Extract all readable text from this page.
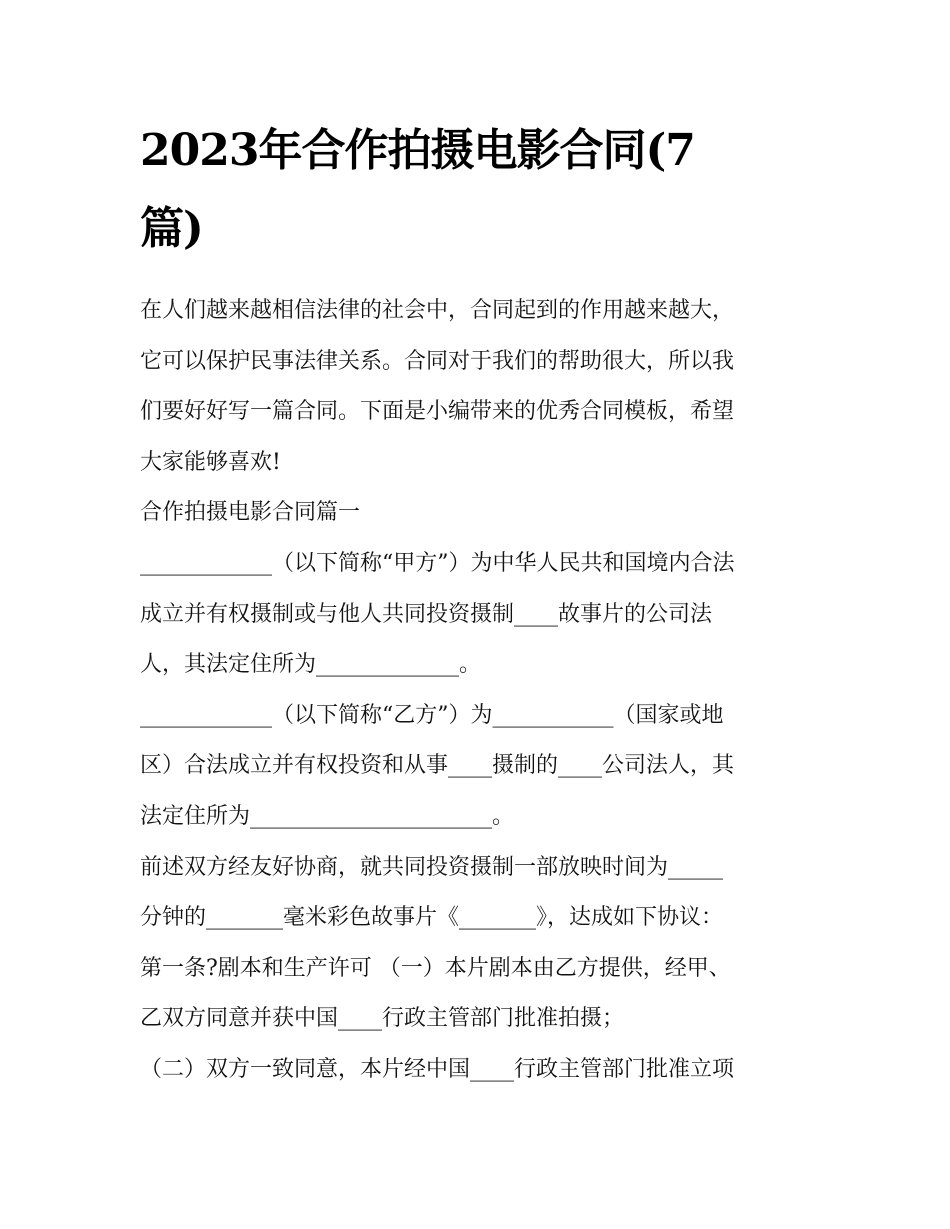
2023年合作拍摄电影合同(7
篇)
在人们越来越相信法律的社会中，合同起到的作用越来越大，
它可以保护民事法律关系。合同对于我们的帮助很大，所以我
们要好好写一篇合同。下面是小编带来的优秀合同模板，希望
大家能够喜欢!
合作拍摄电影合同篇一
____________（以下简称“甲方”）为中华人民共和国境内合法
成立并有权摄制或与他人共同投资摄制____故事片的公司法
人，其法定住所为_____________。
____________（以下简称“乙方”）为___________（国家或地
区）合法成立并有权投资和从事____摄制的____公司法人，其
法定住所为______________________。
前述双方经友好协商，就共同投资摄制一部放映时间为_____
分钟的_______毫米彩色故事片《_______》，达成如下协议：
第一条?剧本和生产许可 （一）本片剧本由乙方提供，经甲、
乙双方同意并获中国____行政主管部门批准拍摄；
（二）双方一致同意，本片经中国____行政主管部门批准立项
